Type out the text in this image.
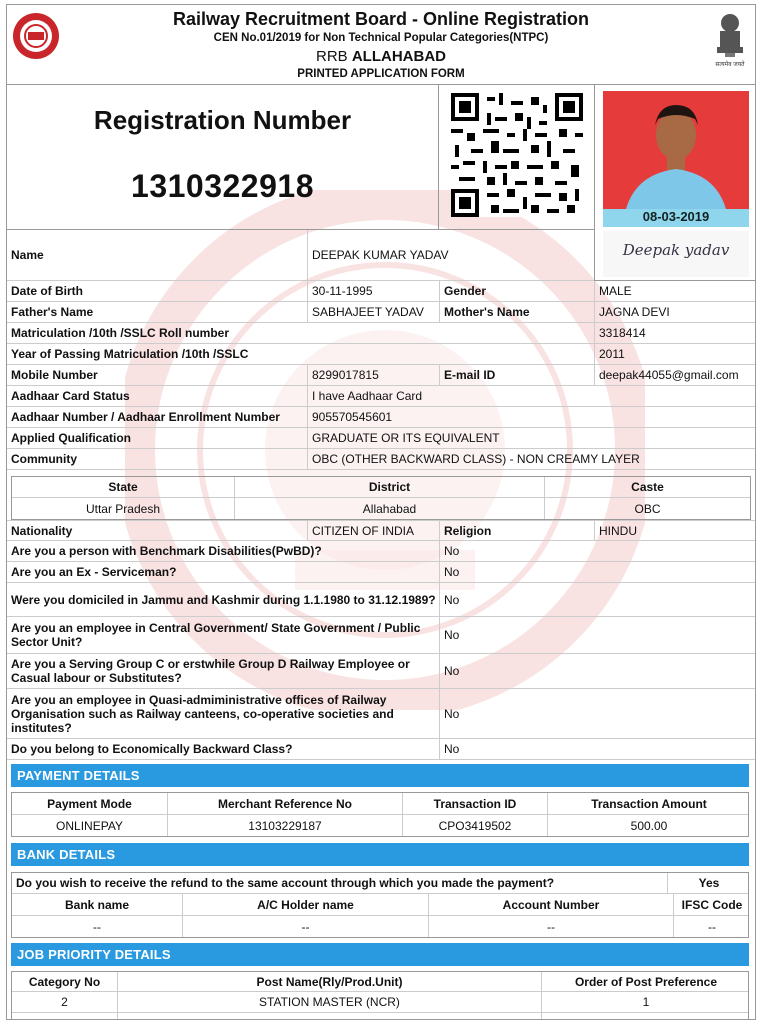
Railway Recruitment Board - Online Registration
CEN No.01/2019 for Non Technical Popular Categories(NTPC)
RRB ALLAHABAD
PRINTED APPLICATION FORM
सत्यमेव जयते
Registration Number
1310322918
08-03-2019
Deepak yadav
Name	DEEPAK KUMAR YADAV
Date of Birth	30-11-1995	Gender	MALE
Father's Name	SABHAJEET YADAV	Mother's Name	JAGNA DEVI
Matriculation /10th /SSLC Roll number	3318414
Year of Passing Matriculation /10th /SSLC	2011
Mobile Number	8299017815	E-mail ID	deepak44055@gmail.com
Aadhaar Card Status	I have Aadhaar Card
Aadhaar Number / Aadhaar Enrollment Number	905570545601
Applied Qualification	GRADUATE OR ITS EQUIVALENT
Community	OBC (OTHER BACKWARD CLASS) - NON CREAMY LAYER
State	District	Caste
Uttar Pradesh	Allahabad	OBC
Nationality	CITIZEN OF INDIA	Religion	HINDU
Are you a person with Benchmark Disabilities(PwBD)?	No
Are you an Ex - Serviceman?	No
Were you domiciled in Jammu and Kashmir during 1.1.1980 to 31.12.1989? No
Are you an employee in Central Government/ State Government / Public Sector Unit?	No
Are you a Serving Group C or erstwhile Group D Railway Employee or Casual labour or Substitutes?	No
Are you an employee in Quasi-admiministrative offices of Railway Organisation such as Railway canteens, co-operative societies and institutes?
No
Do you belong to Economically Backward Class?	No
PAYMENT DETAILS
Payment Mode	Merchant Reference No	Transaction ID	Transaction Amount
ONLINEPAY	13103229187	CPO3419502	500.00
BANK DETAILS
Do you wish to receive the refund to the same account through which you made the payment?	Yes
Bank name	A/C Holder name	Account Number	IFSC Code
--	--	--	--
JOB PRIORITY DETAILS
Category No	Post Name(Rly/Prod.Unit)	Order of Post Preference
2	STATION MASTER (NCR)	1
